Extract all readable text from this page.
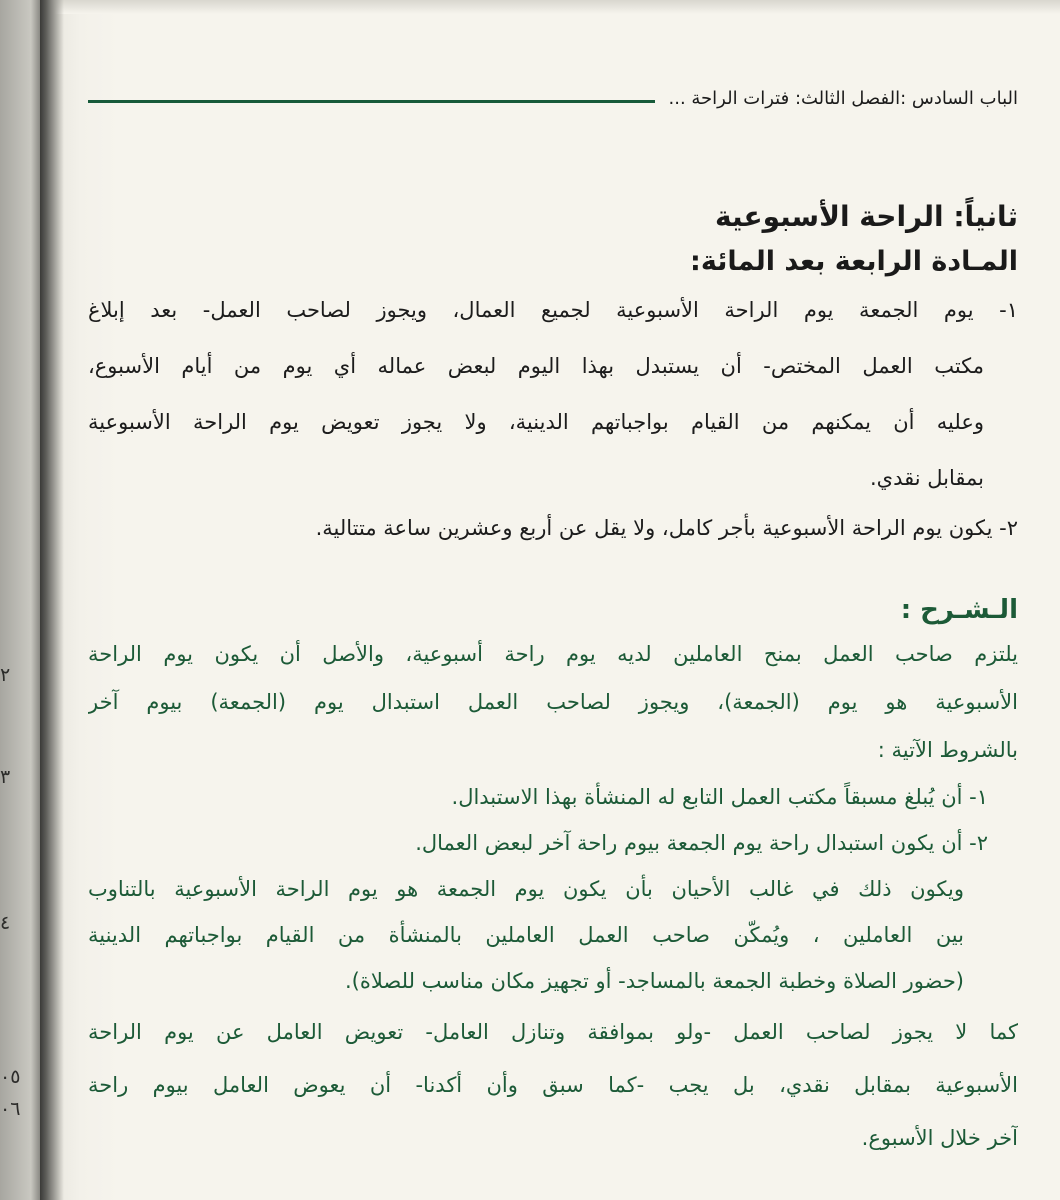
٢
٣
٤
٠٥
٠٦
الباب السادس :الفصل الثالث: فترات الراحة ...
ثانياً: الراحة الأسبوعية
المـادة الرابعة بعد المائة:
١- يوم الجمعة يوم الراحة الأسبوعية لجميع العمال، ويجوز لصاحب العمل- بعد إبلاغ
مكتب العمل المختص- أن يستبدل بهذا اليوم لبعض عماله أي يوم من أيام الأسبوع،
وعليه أن يمكنهم من القيام بواجباتهم الدينية، ولا يجوز تعويض يوم الراحة الأسبوعية
بمقابل نقدي.
٢- يكون يوم الراحة الأسبوعية بأجر كامل، ولا يقل عن أربع وعشرين ساعة متتالية.
الـشـرح :
يلتزم صاحب العمل بمنح العاملين لديه يوم راحة أسبوعية، والأصل أن يكون يوم الراحة
الأسبوعية هو يوم (الجمعة)، ويجوز لصاحب العمل استبدال يوم (الجمعة) بيوم آخر
بالشروط الآتية :
١- أن يُبلغ مسبقاً مكتب العمل التابع له المنشأة بهذا الاستبدال.
٢- أن يكون استبدال راحة يوم الجمعة بيوم راحة آخر لبعض العمال.
ويكون ذلك في غالب الأحيان بأن يكون يوم الجمعة هو يوم الراحة الأسبوعية بالتناوب
بين العاملين ، ويُمكّن صاحب العمل العاملين بالمنشأة من القيام بواجباتهم الدينية
(حضور الصلاة وخطبة الجمعة بالمساجد- أو تجهيز مكان مناسب للصلاة).
كما لا يجوز لصاحب العمل -ولو بموافقة وتنازل العامل- تعويض العامل عن يوم الراحة
الأسبوعية بمقابل نقدي، بل يجب -كما سبق وأن أكدنا- أن يعوض العامل بيوم راحة
آخر خلال الأسبوع.
